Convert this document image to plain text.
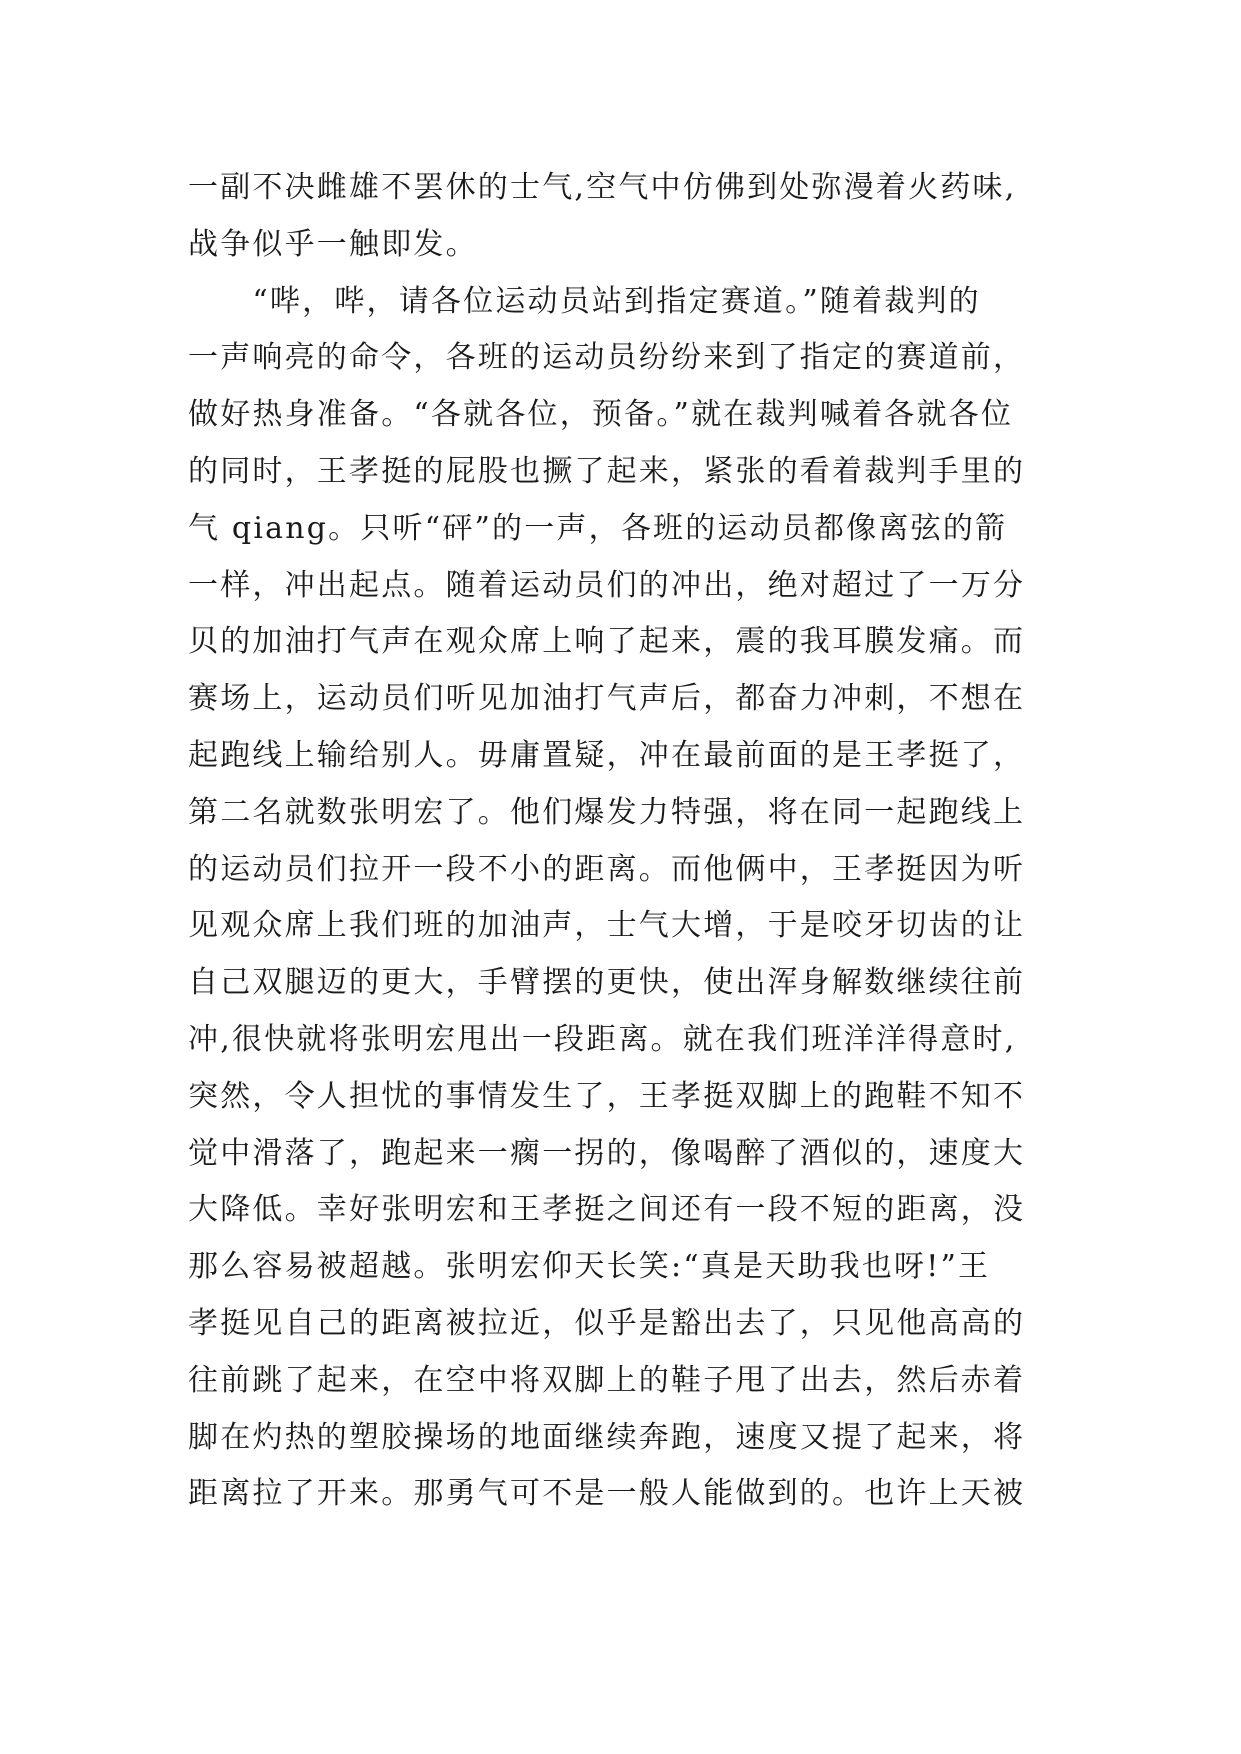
一副不决雌雄不罢休的士气,空气中仿佛到处弥漫着火药味,
战争似乎一触即发。
　　“哔，哔，请各位运动员站到指定赛道。”随着裁判的
一声响亮的命令，各班的运动员纷纷来到了指定的赛道前，
做好热身准备。“各就各位，预备。”就在裁判喊着各就各位
的同时，王孝挺的屁股也撅了起来，紧张的看着裁判手里的
气 qiang。只听“砰”的一声，各班的运动员都像离弦的箭
一样，冲出起点。随着运动员们的冲出，绝对超过了一万分
贝的加油打气声在观众席上响了起来，震的我耳膜发痛。而
赛场上，运动员们听见加油打气声后，都奋力冲刺，不想在
起跑线上输给别人。毋庸置疑，冲在最前面的是王孝挺了，
第二名就数张明宏了。他们爆发力特强，将在同一起跑线上
的运动员们拉开一段不小的距离。而他俩中，王孝挺因为听
见观众席上我们班的加油声，士气大增，于是咬牙切齿的让
自己双腿迈的更大，手臂摆的更快，使出浑身解数继续往前
冲,很快就将张明宏甩出一段距离。就在我们班洋洋得意时,
突然，令人担忧的事情发生了，王孝挺双脚上的跑鞋不知不
觉中滑落了，跑起来一瘸一拐的，像喝醉了酒似的，速度大
大降低。幸好张明宏和王孝挺之间还有一段不短的距离，没
那么容易被超越。张明宏仰天长笑:“真是天助我也呀!”王
孝挺见自己的距离被拉近，似乎是豁出去了，只见他高高的
往前跳了起来，在空中将双脚上的鞋子甩了出去，然后赤着
脚在灼热的塑胶操场的地面继续奔跑，速度又提了起来，将
距离拉了开来。那勇气可不是一般人能做到的。也许上天被
